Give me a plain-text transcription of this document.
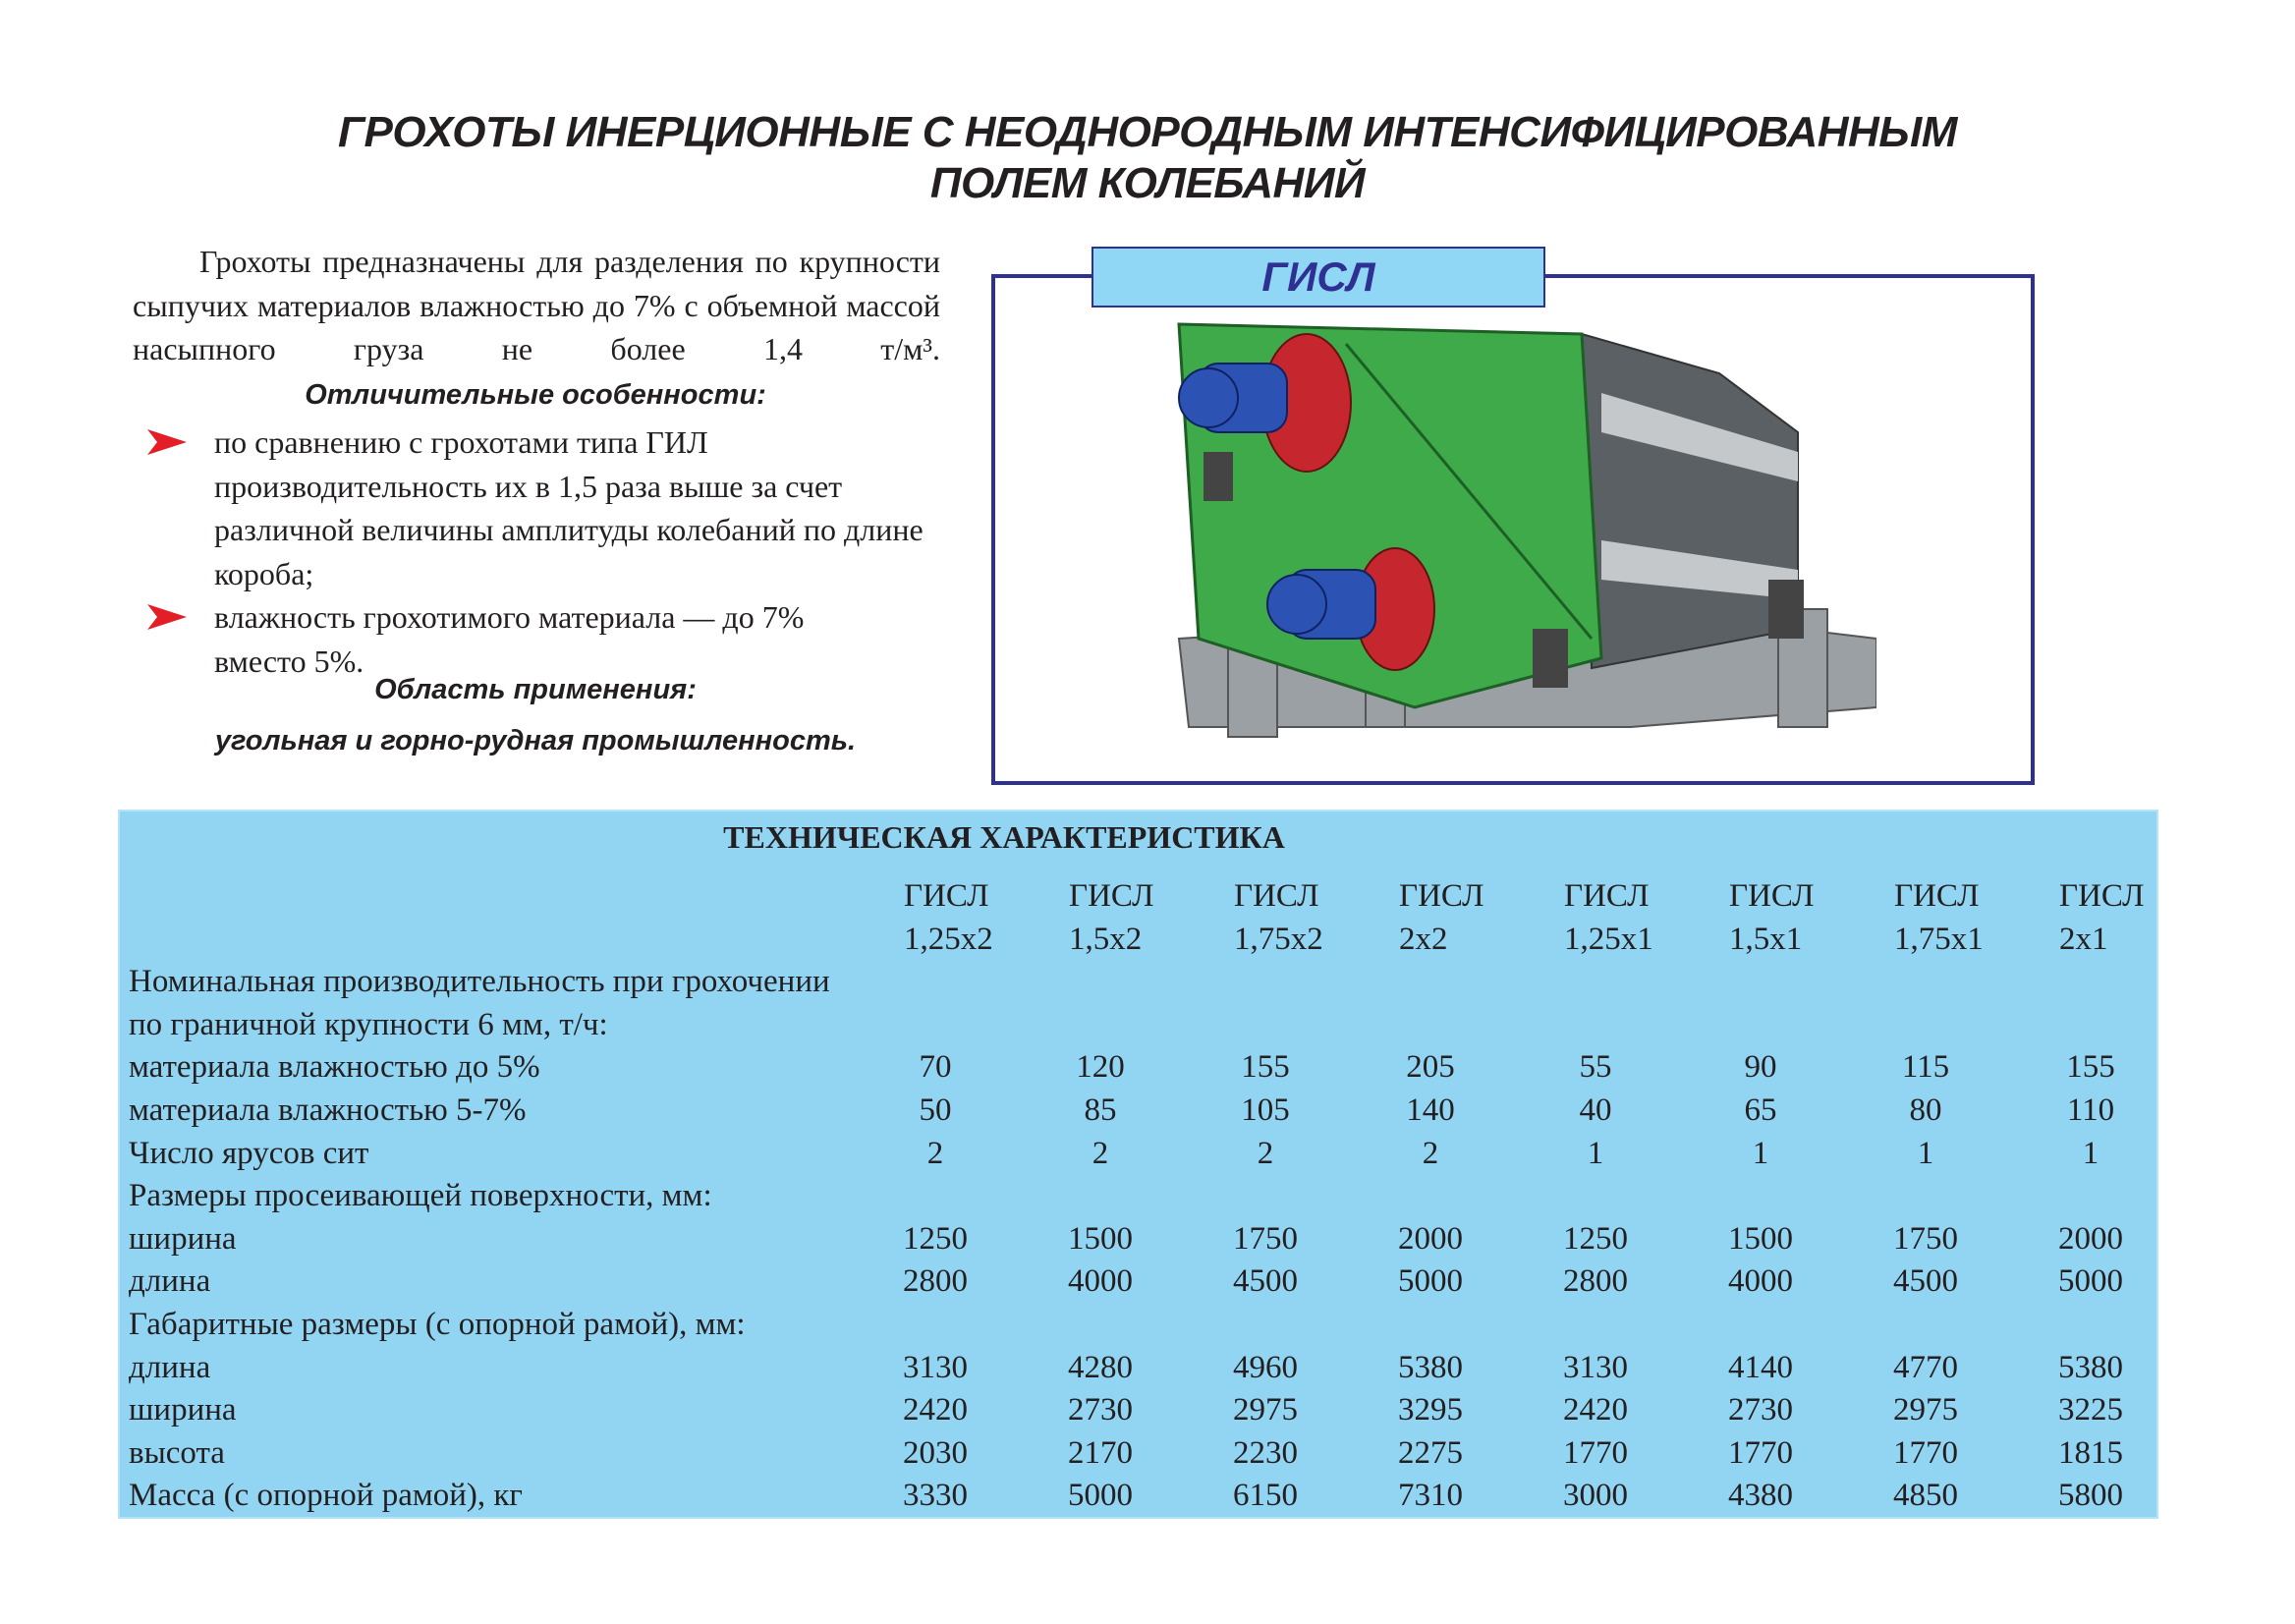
ГРОХОТЫ ИНЕРЦИОННЫЕ С НЕОДНОРОДНЫМ ИНТЕНСИФИЦИРОВАННЫМ
ПОЛЕМ КОЛЕБАНИЙ

Грохоты предназначены для разделения по крупности сыпучих материалов влажностью до 7% с объемной массой насыпного груза не более 1,4 т/м³.

Отличительные особенности:
по сравнению с грохотами типа ГИЛ производительность их в 1,5 раза выше за счет различной величины амплитуды колебаний по длине короба;
влажность грохотимого материала — до 7% вместо 5%.
Область применения:
угольная и горно-рудная промышленность.
ГИСЛ
ТЕХНИЧЕСКАЯ ХАРАКТЕРИСТИКА
ГИСЛ	ГИСЛ	ГИСЛ	ГИСЛ	ГИСЛ	ГИСЛ	ГИСЛ	ГИСЛ
1,25x2	1,5x2	1,75x2	2x2	1,25x1	1,5x1	1,75x1	2x1
Номинальная производительность при грохочении
по граничной крупности 6 мм, т/ч:
материала влажностью до 5%	70	120	155	205	55	90	115	155
материала влажностью 5-7%	50	85	105	140	40	65	80	110
Число ярусов сит	2	2	2	2	1	1	1	1
Размеры просеивающей поверхности, мм:
ширина	1250	1500	1750	2000	1250	1500	1750	2000
длина	2800	4000	4500	5000	2800	4000	4500	5000
Габаритные размеры (с опорной рамой), мм:
длина	3130	4280	4960	5380	3130	4140	4770	5380
ширина	2420	2730	2975	3295	2420	2730	2975	3225
высота	2030	2170	2230	2275	1770	1770	1770	1815
Масса (с опорной рамой), кг	3330	5000	6150	7310	3000	4380	4850	5800
